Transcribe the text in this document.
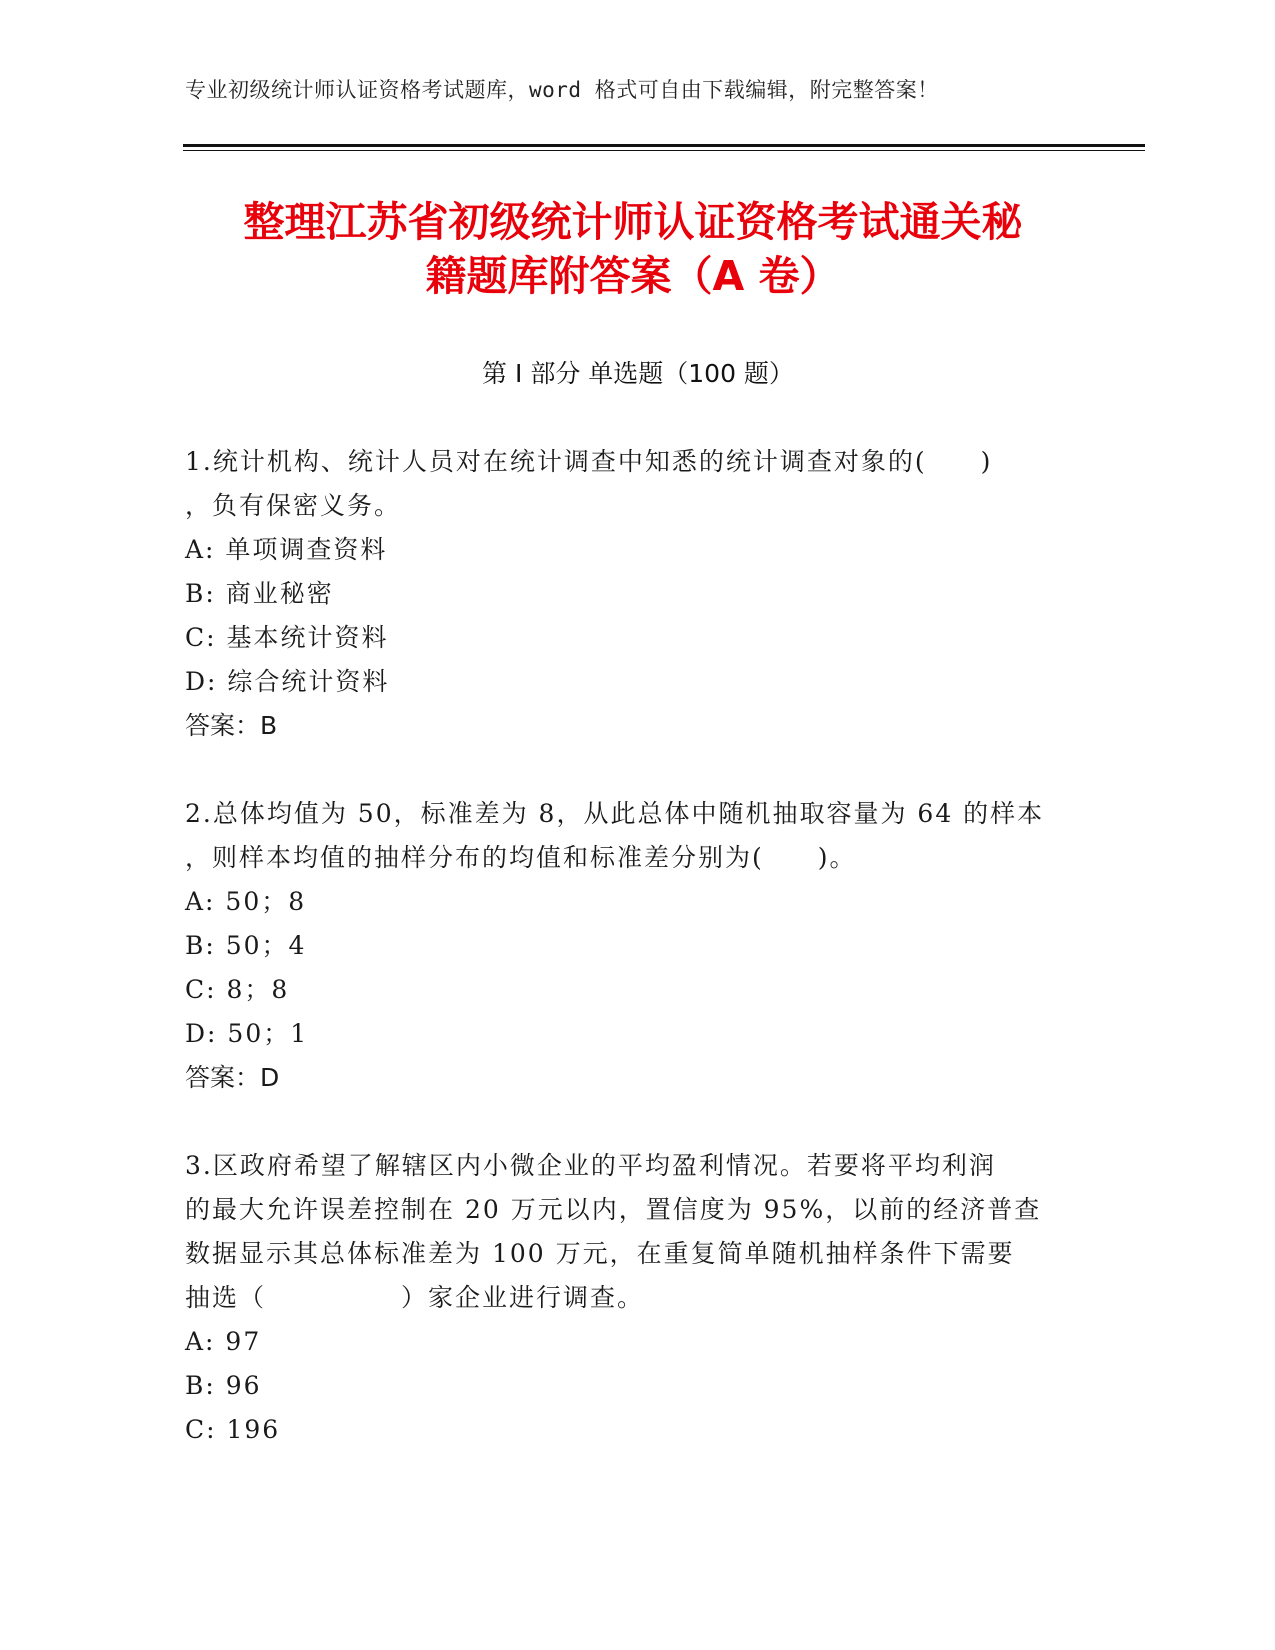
专业初级统计师认证资格考试题库，word 格式可自由下载编辑，附完整答案！
整理江苏省初级统计师认证资格考试通关秘
籍题库附答案（A 卷）
第 I 部分 单选题（100 题）
1.统计机构、统计人员对在统计调查中知悉的统计调查对象的(　　)
，负有保密义务。
A: 单项调查资料
B: 商业秘密
C: 基本统计资料
D: 综合统计资料
答案：B
2.总体均值为 50，标准差为 8，从此总体中随机抽取容量为 64 的样本
，则样本均值的抽样分布的均值和标准差分别为(　　)。
A: 50；8
B: 50；4
C: 8；8
D: 50；1
答案：D
3.区政府希望了解辖区内小微企业的平均盈利情况。若要将平均利润
的最大允许误差控制在 20 万元以内，置信度为 95%，以前的经济普查
数据显示其总体标准差为 100 万元，在重复简单随机抽样条件下需要
抽选（　　　　　）家企业进行调查。
A: 97
B: 96
C: 196
